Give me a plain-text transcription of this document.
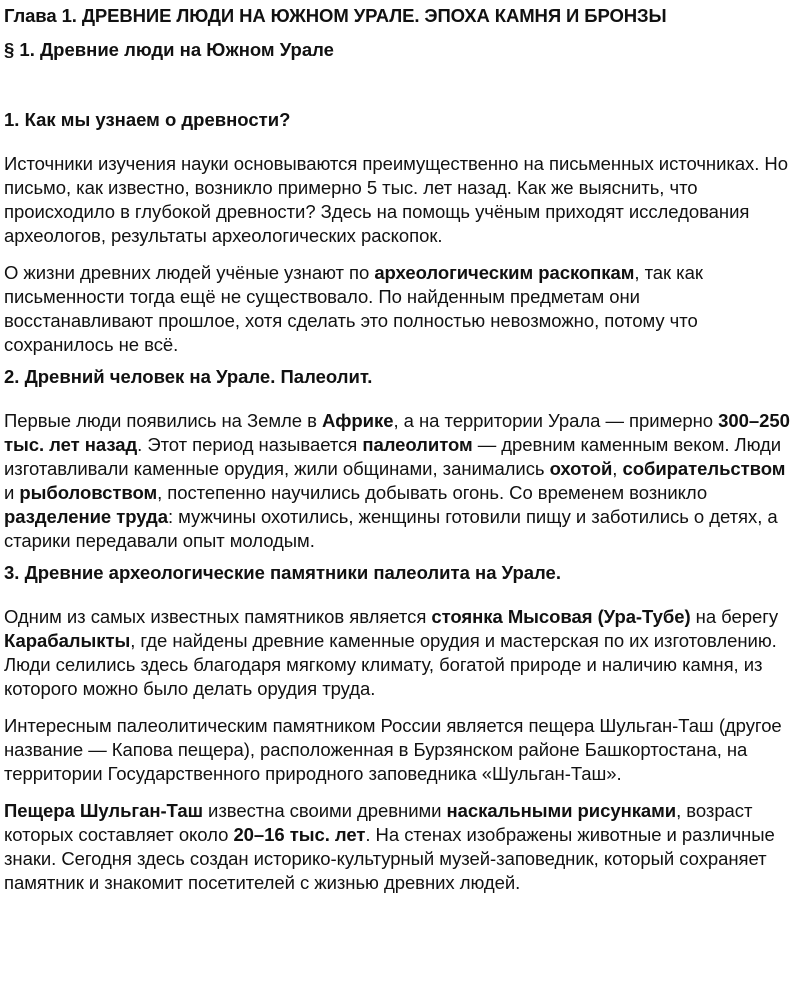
Глава 1. ДРЕВНИЕ ЛЮДИ НА ЮЖНОМ УРАЛЕ. ЭПОХА КАМНЯ И БРОНЗЫ
§ 1. Древние люди на Южном Урале
1. Как мы узнаем о древности?

Источники изучения науки основываются преимущественно на письменных источниках. Но письмо, как известно, возникло примерно 5 тыс. лет назад. Как же выяснить, что происходило в глубокой древности? Здесь на помощь учёным приходят исследования археологов, результаты археологических раскопок.

О жизни древних людей учёные узнают по археологическим раскопкам, так как письменности тогда ещё не существовало. По найденным предметам они восстанавливают прошлое, хотя сделать это полностью невозможно, потому что сохранилось не всё.

2. Древний человек на Урале. Палеолит.

Первые люди появились на Земле в Африке, а на территории Урала — примерно 300–250 тыс. лет назад. Этот период называется палеолитом — древним каменным веком. Люди изготавливали каменные орудия, жили общинами, занимались охотой, собирательством и рыболовством, постепенно научились добывать огонь. Со временем возникло разделение труда: мужчины охотились, женщины готовили пищу и заботились о детях, а старики передавали опыт молодым.

3. Древние археологические памятники палеолита на Урале.

Одним из самых известных памятников является стоянка Мысовая (Ура-Тубе) на берегу Карабалыкты, где найдены древние каменные орудия и мастерская по их изготовлению. Люди селились здесь благодаря мягкому климату, богатой природе и наличию камня, из которого можно было делать орудия труда.

Интересным палеолитическим памятником России является пещера Шульган-Таш (другое название — Капова пещера), расположенная в Бурзянском районе Башкортостана, на территории Государственного природного заповедника «Шульган-Таш».

Пещера Шульган-Таш известна своими древними наскальными рисунками, возраст которых составляет около 20–16 тыс. лет. На стенах изображены животные и различные знаки. Сегодня здесь создан историко-культурный музей-заповедник, который сохраняет памятник и знакомит посетителей с жизнью древних людей.
